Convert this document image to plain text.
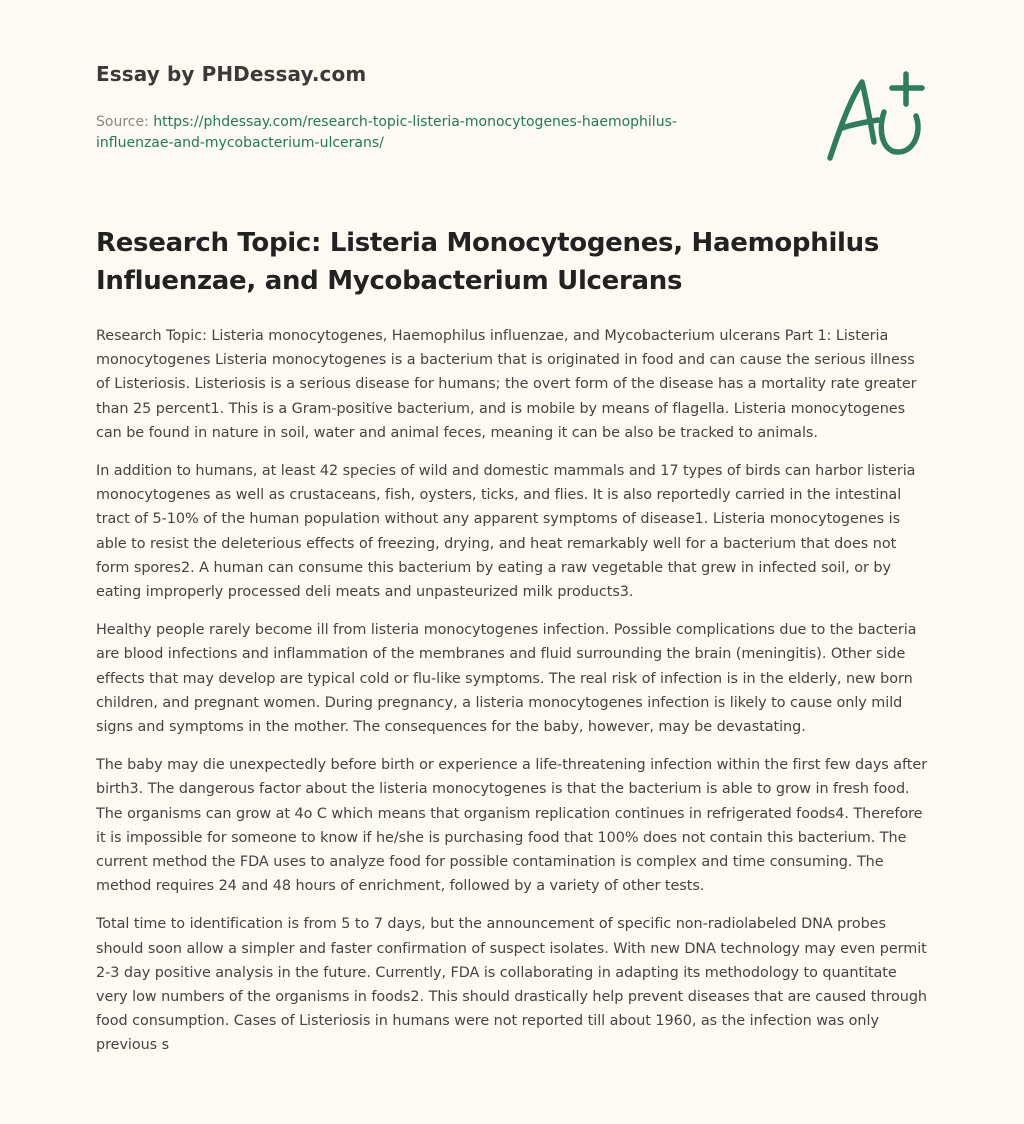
Essay by PHDessay.com
Source: https://phdessay.com/research-topic-listeria-monocytogenes-haemophilus-
influenzae-and-mycobacterium-ulcerans/
Research Topic: Listeria Monocytogenes, Haemophilus Influenzae, and Mycobacterium Ulcerans

Research Topic: Listeria monocytogenes, Haemophilus influenzae, and Mycobacterium ulcerans Part 1: Listeria monocytogenes Listeria monocytogenes is a bacterium that is originated in food and can cause the serious illness of Listeriosis. Listeriosis is a serious disease for humans; the overt form of the disease has a mortality rate greater than 25 percent1. This is a Gram-positive bacterium, and is mobile by means of flagella. Listeria monocytogenes can be found in nature in soil, water and animal feces, meaning it can be also be tracked to animals.

In addition to humans, at least 42 species of wild and domestic mammals and 17 types of birds can harbor listeria monocytogenes as well as crustaceans, fish, oysters, ticks, and flies. It is also reportedly carried in the intestinal tract of 5-10% of the human population without any apparent symptoms of disease1. Listeria monocytogenes is able to resist the deleterious effects of freezing, drying, and heat remarkably well for a bacterium that does not form spores2. A human can consume this bacterium by eating a raw vegetable that grew in infected soil, or by eating improperly processed deli meats and unpasteurized milk products3.

Healthy people rarely become ill from listeria monocytogenes infection. Possible complications due to the bacteria are blood infections and inflammation of the membranes and fluid surrounding the brain (meningitis). Other side effects that may develop are typical cold or flu-like symptoms. The real risk of infection is in the elderly, new born children, and pregnant women. During pregnancy, a listeria monocytogenes infection is likely to cause only mild signs and symptoms in the mother. The consequences for the baby, however, may be devastating.

The baby may die unexpectedly before birth or experience a life-threatening infection within the first few days after birth3. The dangerous factor about the listeria monocytogenes is that the bacterium is able to grow in fresh food. The organisms can grow at 4o C which means that organism replication continues in refrigerated foods4. Therefore it is impossible for someone to know if he/she is purchasing food that 100% does not contain this bacterium. The current method the FDA uses to analyze food for possible contamination is complex and time consuming. The method requires 24 and 48 hours of enrichment, followed by a variety of other tests.

Total time to identification is from 5 to 7 days, but the announcement of specific non-radiolabeled DNA probes should soon allow a simpler and faster confirmation of suspect isolates. With new DNA technology may even permit 2-3 day positive analysis in the future. Currently, FDA is collaborating in adapting its methodology to quantitate very low numbers of the organisms in foods2. This should drastically help prevent diseases that are caused through food consumption. Cases of Listeriosis in humans were not reported till about 1960, as the infection was only previous s
